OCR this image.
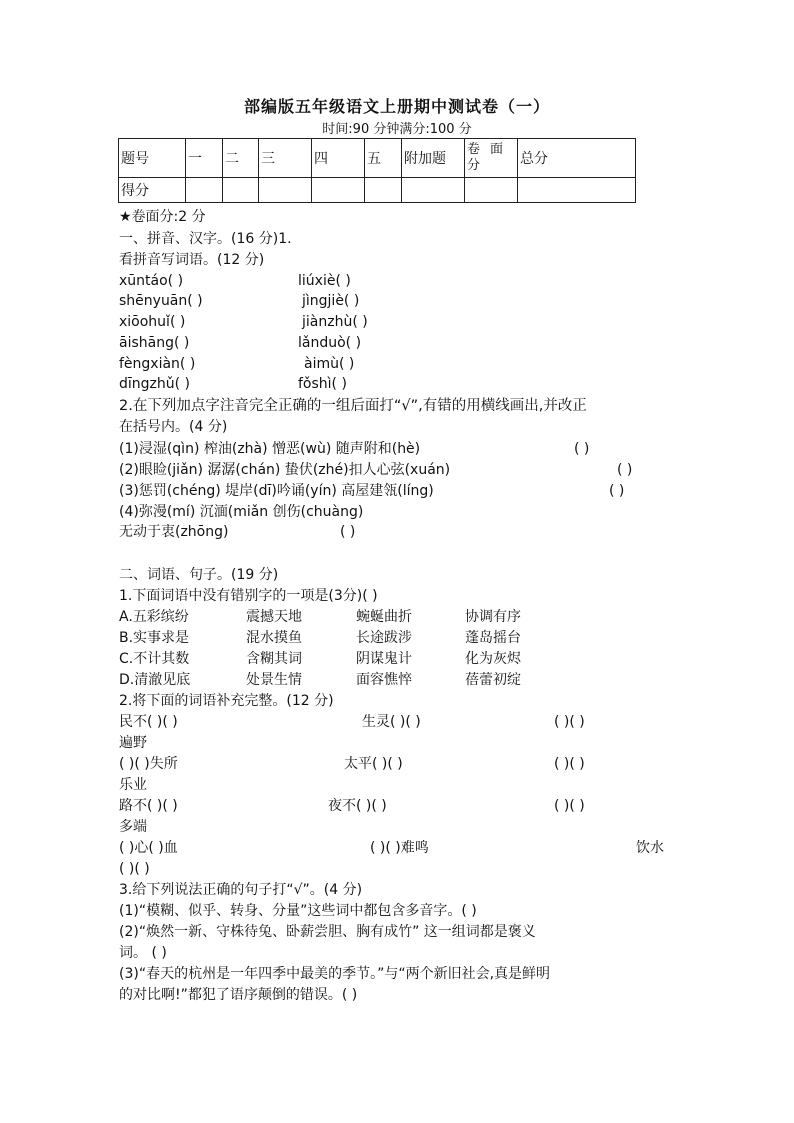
部编版五年级语文上册期中测试卷（一）
时间:90 分钟满分:100 分
题号	一	二	三	四	五	附加题	卷面分	总分
得分								
★卷面分:2 分
一、拼音、汉字。(16 分)1.
看拼音写词语。(12 分)
xūntáo( )	liúxiè( )
shēnyuān( )	jìngjiè( )
xiōohuǐ( )	jiànzhù( )
āishāng( )	lǎnduò( )
fèngxiàn( )	àimù( )
dīngzhǔ( )	fǒshì( )
2.在下列加点字注音完全正确的一组后面打“√”,有错的用横线画出,并改正
在括号内。(4 分)
(1)浸湿(qìn) 榨油(zhà) 憎恶(wù) 随声附和(hè)	( )
(2)眼睑(jiǎn) 潺潺(chán) 蛰伏(zhé)扣人心弦(xuán)	( )
(3)惩罚(chéng) 堤岸(dī)吟诵(yín) 高屋建瓴(líng)	( )
(4)弥漫(mí) 沉湎(miǎn 创伤(chuàng)
无动于衷(zhōng)	( )
二、词语、句子。(19 分)
1.下面词语中没有错别字的一项是(3分)( )
A.五彩缤纷	震撼天地	蜿蜒曲折	协调有序
B.实事求是	混水摸鱼	长途跋涉	蓬岛摇台
C.不计其数	含糊其词	阴谋鬼计	化为灰烬
D.清澈见底	处景生情	面容憔悴	蓓蕾初绽
2.将下面的词语补充完整。(12 分)
民不( )( )	生灵( )( )	( )( )
遍野
( )( )失所	太平( )( )	( )( )
乐业
路不( )( )	夜不( )( )	( )( )
多端
( )心( )血	( )( )难鸣	饮水
( )( )
3.给下列说法正确的句子打“√”。(4 分)
(1)“模糊、似乎、转身、分量”这些词中都包含多音字。( )
(2)“焕然一新、守株待兔、卧薪尝胆、胸有成竹” 这一组词都是褒义
词。 ( )
(3)“春天的杭州是一年四季中最美的季节。”与“两个新旧社会,真是鲜明
的对比啊!”都犯了语序颠倒的错误。( )
